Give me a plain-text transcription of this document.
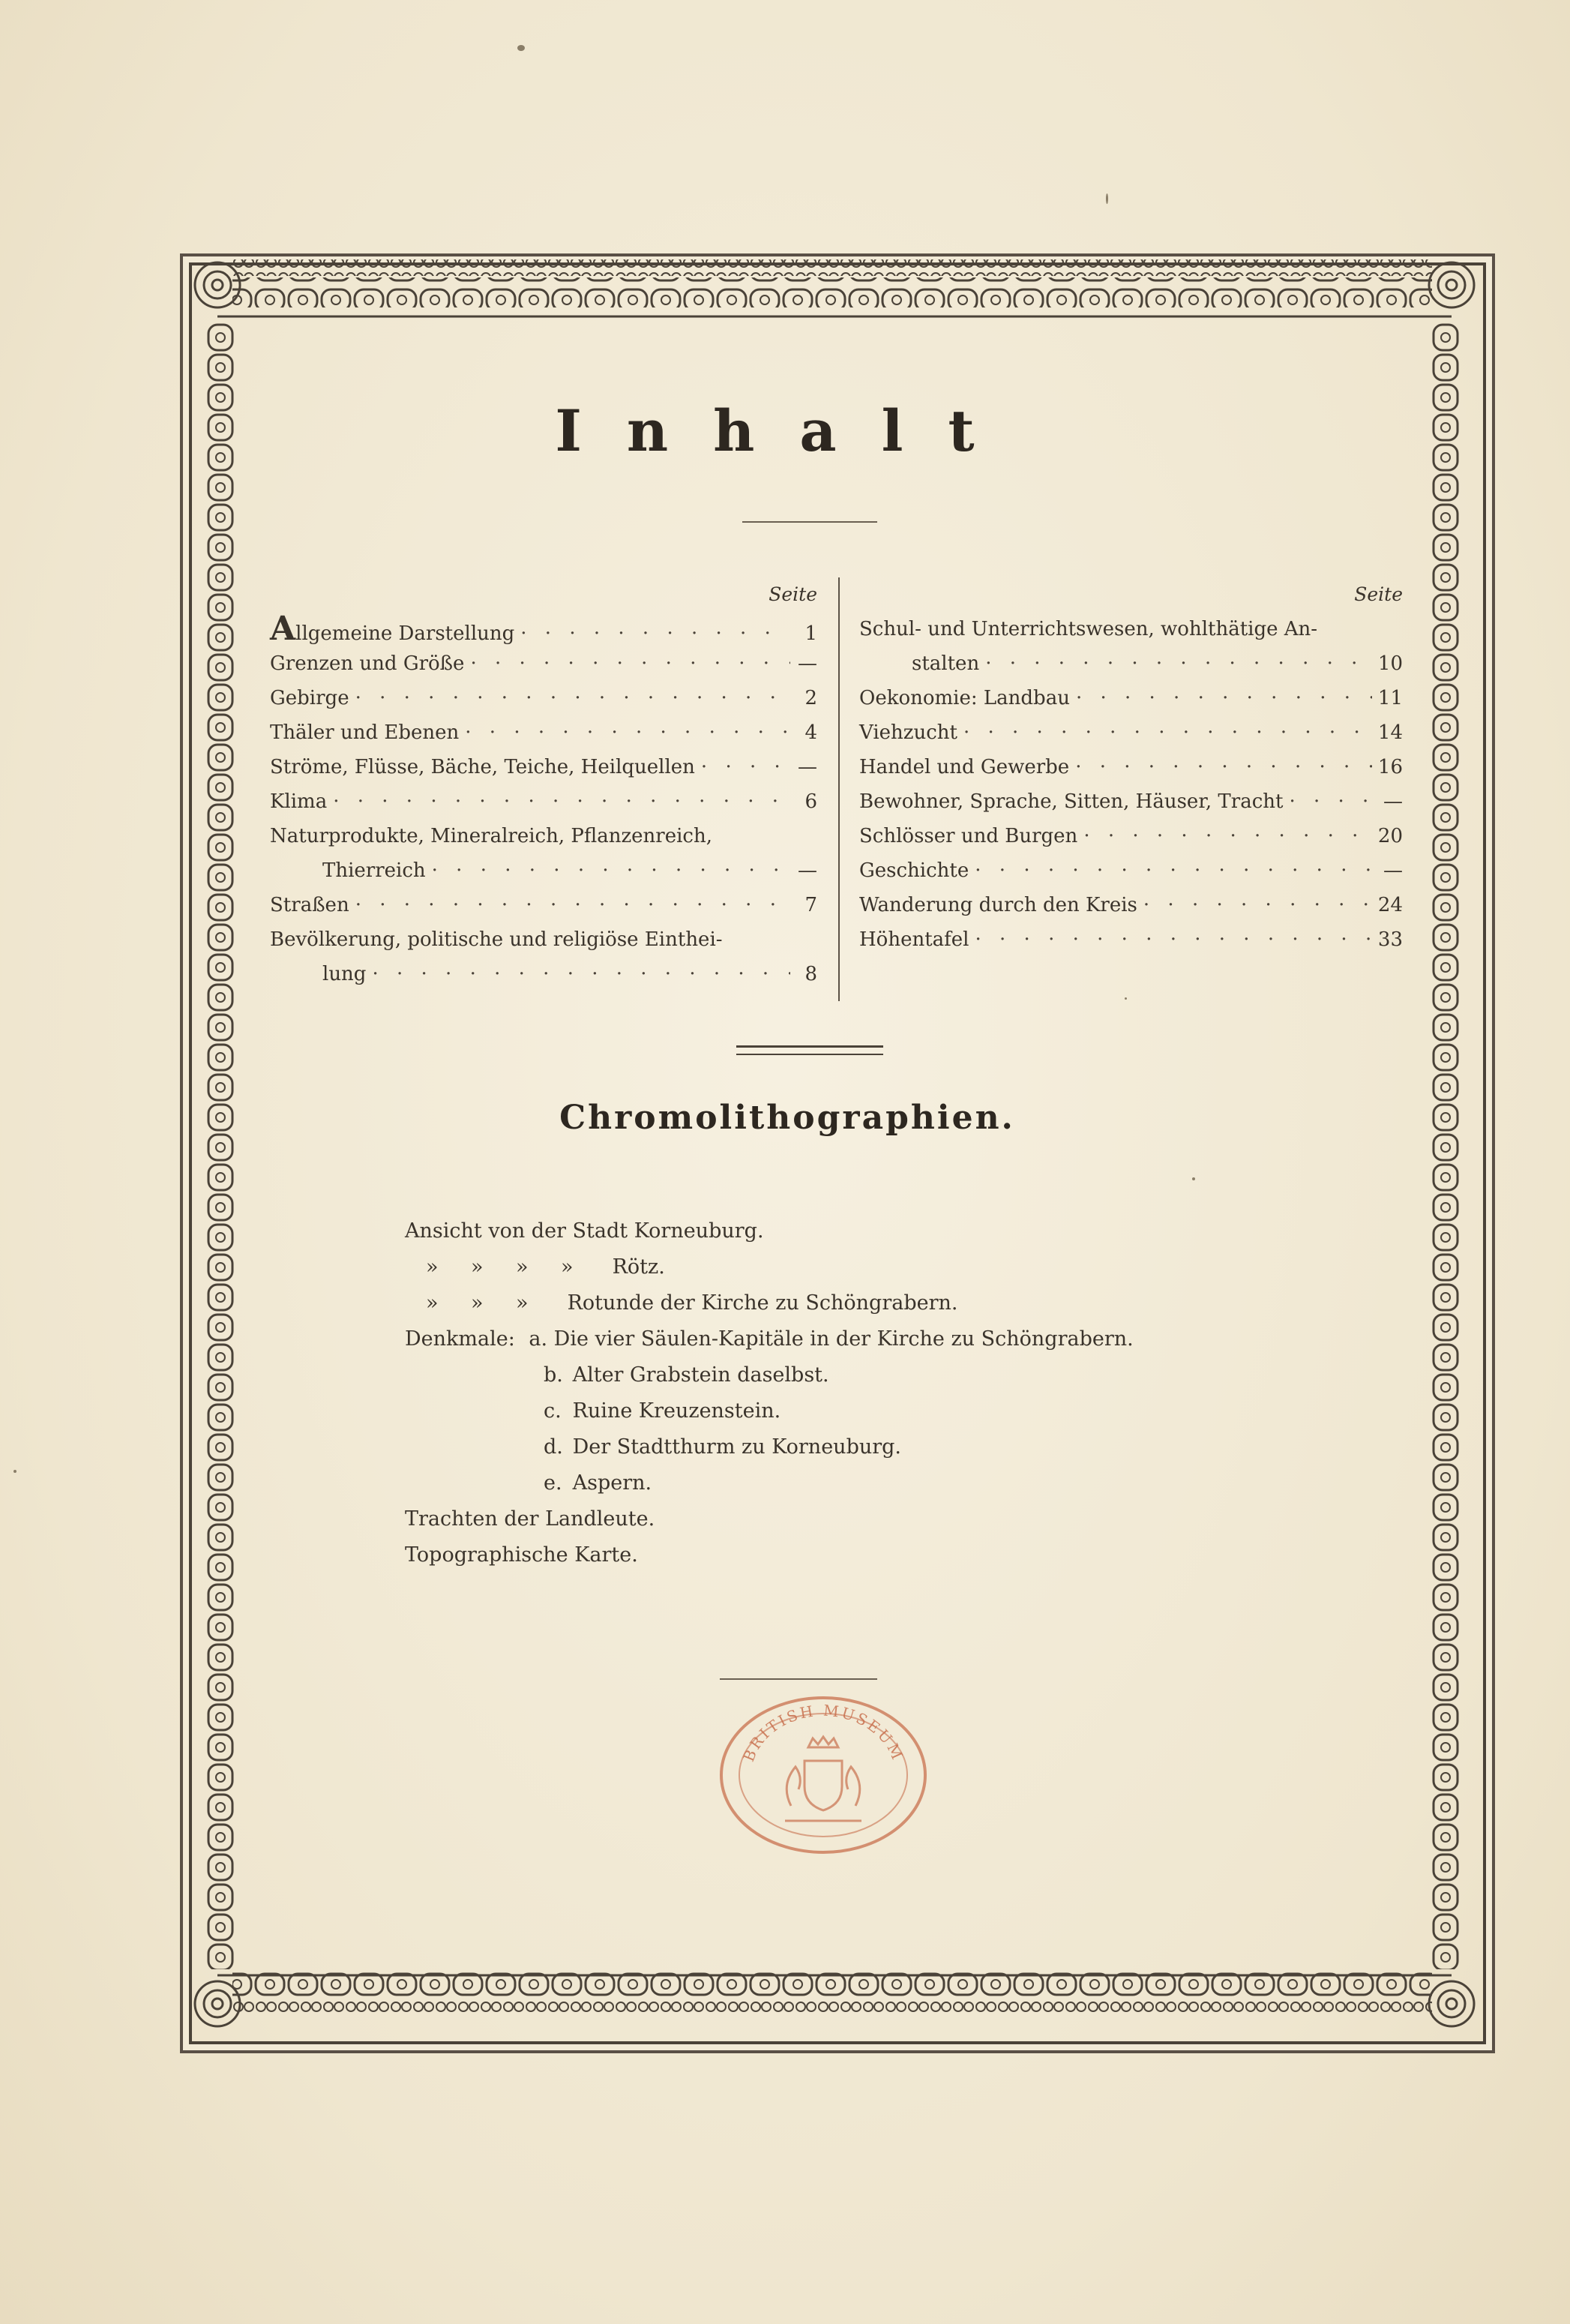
Inhalt
Seite
Allgemeine Darstellung · · ·	1
Grenzen und Größe · · ·	—
Gebirge · · ·	2
Thäler und Ebenen · · ·	4
Ströme, Flüsse, Bäche, Teiche, Heilquellen · · ·	—
Klima · · ·	6
Naturprodukte, Mineralreich, Pflanzenreich,
Thierreich · · ·	—
Straßen · · ·	7
Bevölkerung, politische und religiöse Einthei-
lung · · ·	8
Seite
Schul- und Unterrichtswesen, wohlthätige An-
stalten · · ·	10
Oekonomie: Landbau · · ·	11
Viehzucht · · ·	14
Handel und Gewerbe · · ·	16
Bewohner, Sprache, Sitten, Häuser, Tracht · · ·	—
Schlösser und Burgen · · ·	20
Geschichte · · ·	—
Wanderung durch den Kreis · · ·	24
Höhentafel · · ·	33
Chromolithographien.
Ansicht von der Stadt Korneuburg.
» » » » Rötz.
» » » Rotunde der Kirche zu Schöngrabern.
Denkmale: a. Die vier Säulen-Kapitäle in der Kirche zu Schöngrabern.
b. Alter Grabstein daselbst.
c. Ruine Kreuzenstein.
d. Der Stadtthurm zu Korneuburg.
e. Aspern.
Trachten der Landleute.
Topographische Karte.
BRITISH MUSEUM
